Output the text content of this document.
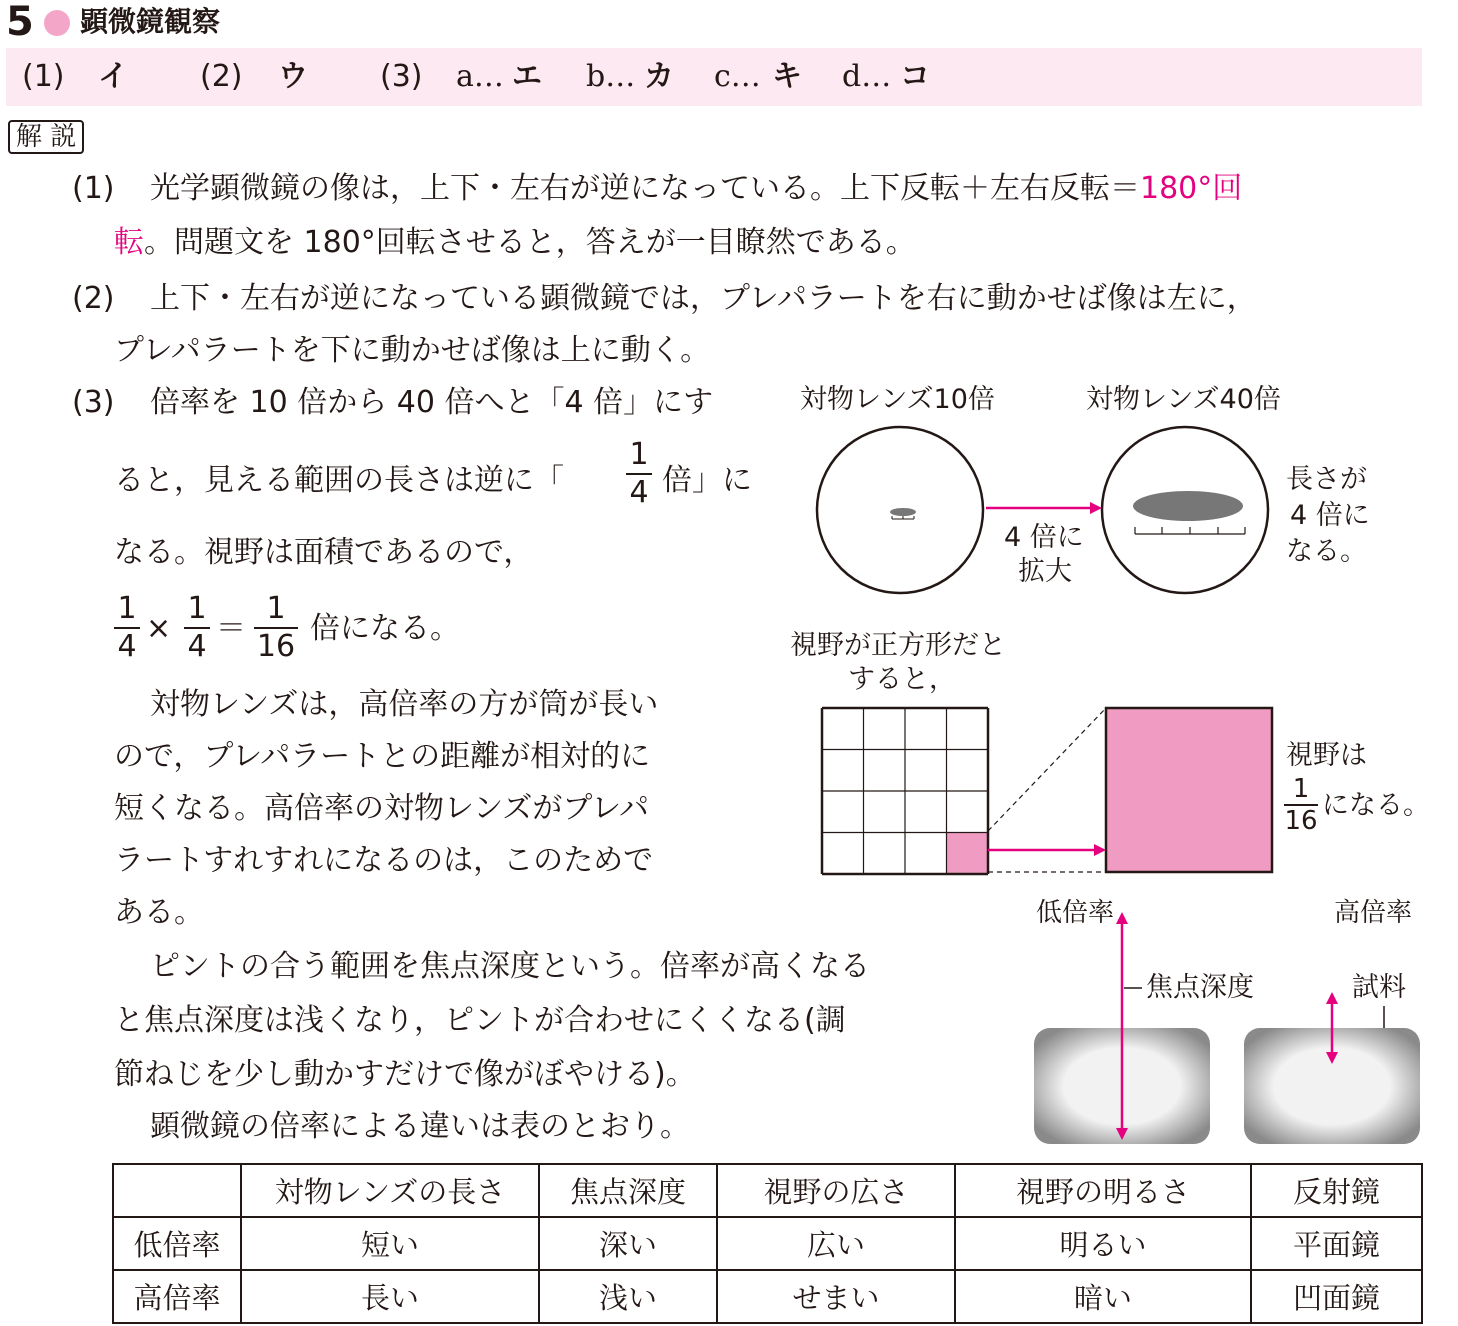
5 顕微鏡観察
(1) イ (2) ウ (3) a… エ b… カ c… キ d… コ
解 説
(1) 光学顕微鏡の像は，上下・左右が逆になっている。上下反転＋左右反転＝180°回
転。問題文を 180°回転させると，答えが一目瞭然である。
(2) 上下・左右が逆になっている顕微鏡では，プレパラートを右に動かせば像は左に，
プレパラートを下に動かせば像は上に動く。
(3) 倍率を 10 倍から 40 倍へと「4 倍」にす
ると，見える範囲の長さは逆に「
1
4 倍」に
なる。視野は面積であるので，
1
4
×
1
4
＝
1
16
倍になる。
対物レンズは，高倍率の方が筒が長い
ので，プレパラートとの距離が相対的に
短くなる。高倍率の対物レンズがプレパ
ラートすれすれになるのは，このためで
ある。
ピントの合う範囲を焦点深度という。倍率が高くなる
と焦点深度は浅くなり，ピントが合わせにくくなる(調
節ねじを少し動かすだけで像がぼやける)。
顕微鏡の倍率による違いは表のとおり。
対物レンズ10倍	対物レンズ40倍
4 倍に
拡大
長さが
4 倍に
なる。
視野が正方形だと
すると，
視野は
1
16 になる。
低倍率	高倍率
焦点深度	試料
	対物レンズの長さ	焦点深度	視野の広さ	視野の明るさ	反射鏡
低倍率	短い	深い	広い	明るい	平面鏡
高倍率	長い	浅い	せまい	暗い	凹面鏡
